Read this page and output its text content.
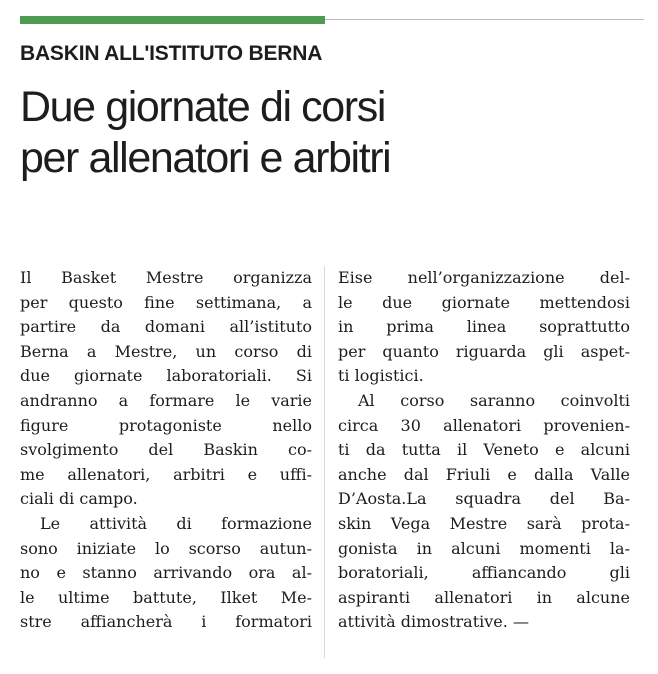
BASKIN ALL'ISTITUTO BERNA
Due giornate di corsi
per allenatori e arbitri
Il Basket Mestre organizza
per questo fine settimana, a
partire da domani all’istituto
Berna a Mestre, un corso di
due giornate laboratoriali. Si
andranno a formare le varie
figure protagoniste nello
svolgimento del Baskin co-
me allenatori, arbitri e uffi-
ciali di campo.
Le attività di formazione
sono iniziate lo scorso autun-
no e stanno arrivando ora al-
le ultime battute, Ilket Me-
stre affiancherà i formatori
Eise nell’organizzazione del-
le due giornate mettendosi
in prima linea soprattutto
per quanto riguarda gli aspet-
ti logistici.
Al corso saranno coinvolti
circa 30 allenatori provenien-
ti da tutta il Veneto e alcuni
anche dal Friuli e dalla Valle
D’Aosta.La squadra del Ba-
skin Vega Mestre sarà prota-
gonista in alcuni momenti la-
boratoriali, affiancando gli
aspiranti allenatori in alcune
attività dimostrative. —
